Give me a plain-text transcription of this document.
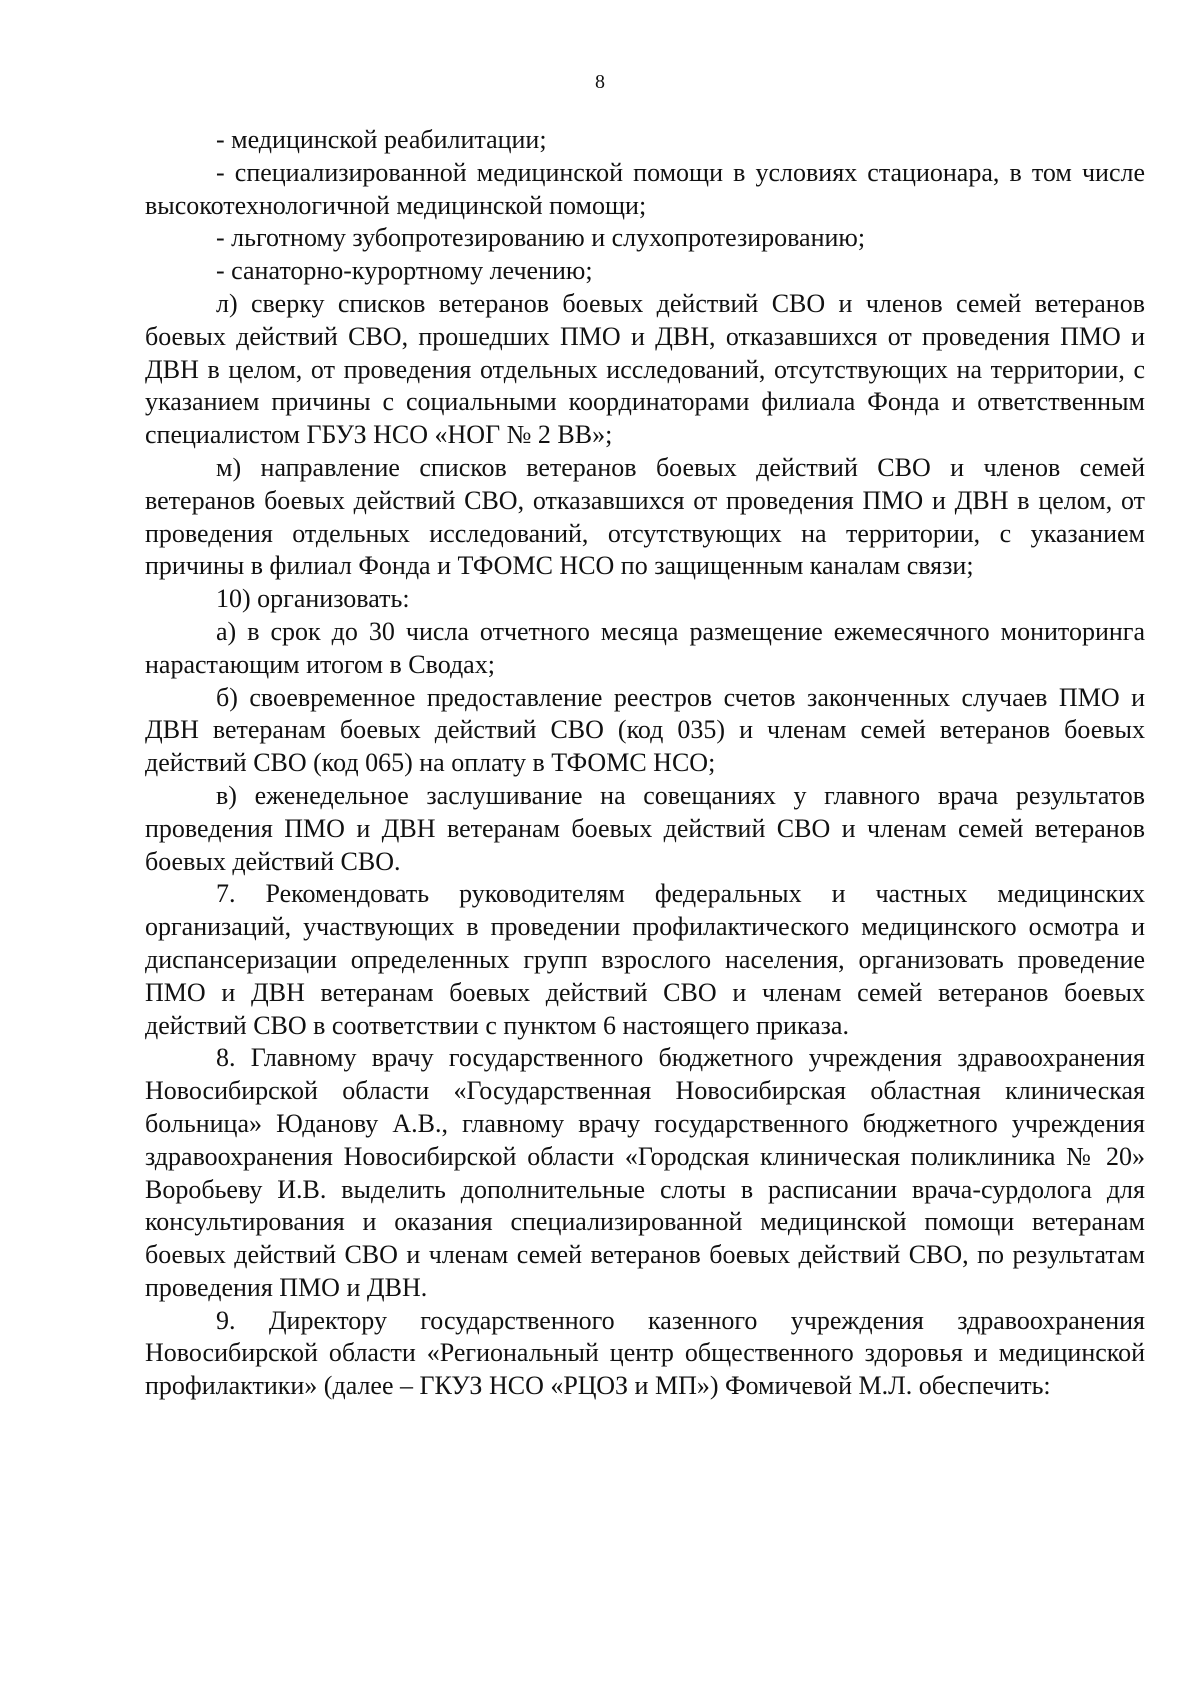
8

- медицинской реабилитации;

- специализированной медицинской помощи в условиях стационара, в том числе высокотехнологичной медицинской помощи;

- льготному зубопротезированию и слухопротезированию;

- санаторно-курортному лечению;

л) сверку списков ветеранов боевых действий СВО и членов семей ветеранов боевых действий СВО, прошедших ПМО и ДВН, отказавшихся от проведения ПМО и ДВН в целом, от проведения отдельных исследований, отсутствующих на территории, с указанием причины с социальными координаторами филиала Фонда и ответственным специалистом ГБУЗ НСО «НОГ № 2 ВВ»;

м) направление списков ветеранов боевых действий СВО и членов семей ветеранов боевых действий СВО, отказавшихся от проведения ПМО и ДВН в целом, от проведения отдельных исследований, отсутствующих на территории, с указанием причины в филиал Фонда и ТФОМС НСО по защищенным каналам связи;

10) организовать:

а) в срок до 30 числа отчетного месяца размещение ежемесячного мониторинга нарастающим итогом в Сводах;

б) своевременное предоставление реестров счетов законченных случаев ПМО и ДВН ветеранам боевых действий СВО (код 035) и членам семей ветеранов боевых действий СВО (код 065) на оплату в ТФОМС НСО;

в) еженедельное заслушивание на совещаниях у главного врача результатов проведения ПМО и ДВН ветеранам боевых действий СВО и членам семей ветеранов боевых действий СВО.

7. Рекомендовать руководителям федеральных и частных медицинских организаций, участвующих в проведении профилактического медицинского осмотра и диспансеризации определенных групп взрослого населения, организовать проведение ПМО и ДВН ветеранам боевых действий СВО и членам семей ветеранов боевых действий СВО в соответствии с пунктом 6 настоящего приказа.

8. Главному врачу государственного бюджетного учреждения здравоохранения Новосибирской области «Государственная Новосибирская областная клиническая больница» Юданову А.В., главному врачу государственного бюджетного учреждения здравоохранения Новосибирской области «Городская клиническая поликлиника № 20» Воробьеву И.В. выделить дополнительные слоты в расписании врача-сурдолога для консультирования и оказания специализированной медицинской помощи ветеранам боевых действий СВО и членам семей ветеранов боевых действий СВО, по результатам проведения ПМО и ДВН.

9. Директору государственного казенного учреждения здравоохранения Новосибирской области «Региональный центр общественного здоровья и медицинской профилактики» (далее – ГКУЗ НСО «РЦОЗ и МП») Фомичевой М.Л. обеспечить:
